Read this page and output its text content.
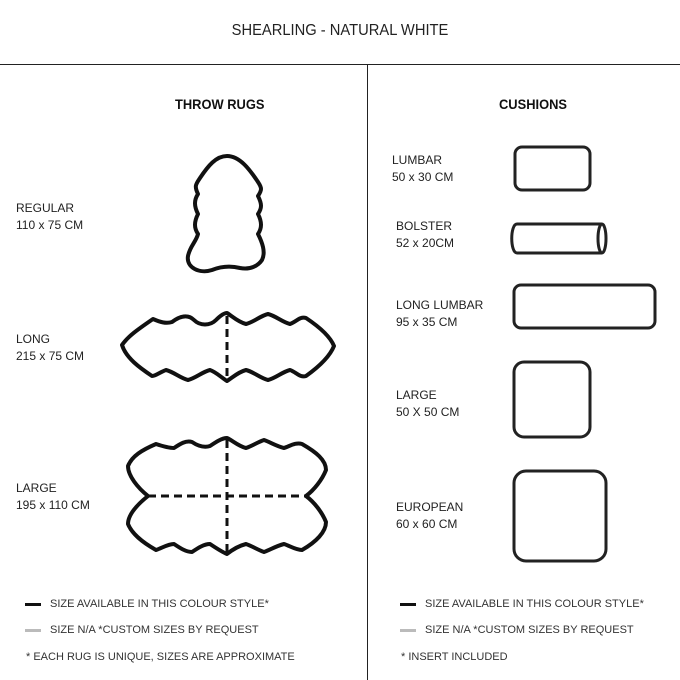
SHEARLING - NATURAL WHITE
THROW RUGS
REGULAR
110 x 75 CM
LONG
215 x 75 CM
LARGE
195 x 110 CM
SIZE AVAILABLE IN THIS COLOUR STYLE*
SIZE N/A *CUSTOM SIZES BY REQUEST
* EACH RUG IS UNIQUE, SIZES ARE APPROXIMATE
CUSHIONS
LUMBAR
50 x 30 CM
BOLSTER
52 x 20CM
LONG LUMBAR
95 x 35 CM
LARGE
50 X 50 CM
EUROPEAN
60 x 60 CM
SIZE AVAILABLE IN THIS COLOUR STYLE*
SIZE N/A *CUSTOM SIZES BY REQUEST
* INSERT INCLUDED
